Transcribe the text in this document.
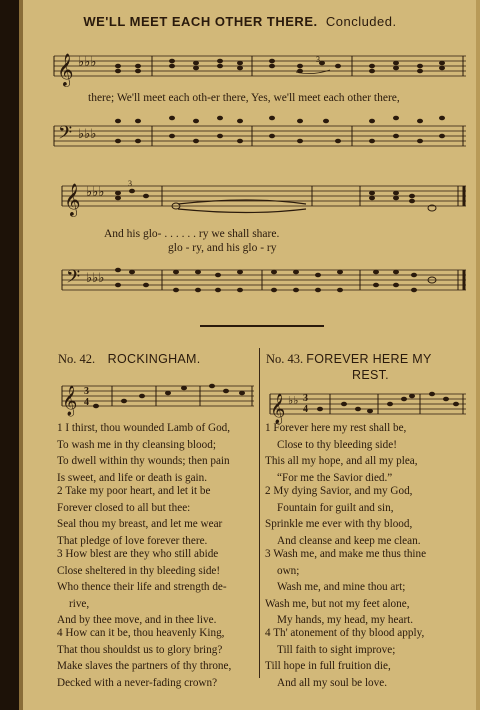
WE'LL MEET EACH OTHER THERE. Concluded.
𝄞 ♭♭♭	3
𝄢 ♭♭♭
𝄞 ♭♭♭
3
𝄢 ♭♭♭
𝄞 3
4	𝄞 ♭♭ 3
4
there; We'll meet each oth-er there, Yes, we'll meet each other there,
And his glo- . . . . . . ry we shall share.
glo - ry, and his glo - ry
No. 42. ROCKINGHAM.
1 I thirst, thou wounded Lamb of God,
To wash me in thy cleansing blood;
To dwell within thy wounds; then pain
Is sweet, and life or death is gain.
2 Take my poor heart, and let it be
Forever closed to all but thee:
Seal thou my breast, and let me wear
That pledge of love forever there.
3 How blest are they who still abide
Close sheltered in thy bleeding side!
Who thence their life and strength de-
rive,
And by thee move, and in thee live.
4 How can it be, thou heavenly King,
That thou shouldst us to glory bring?
Make slaves the partners of thy throne,
Decked with a never-fading crown?
No. 43. FOREVER HERE MY
REST.
1 Forever here my rest shall be,
Close to thy bleeding side!
This all my hope, and all my plea,
“For me the Savior died.”
2 My dying Savior, and my God,
Fountain for guilt and sin,
Sprinkle me ever with thy blood,
And cleanse and keep me clean.
3 Wash me, and make me thus thine
own;
Wash me, and mine thou art;
Wash me, but not my feet alone,
My hands, my head, my heart.
4 Th' atonement of thy blood apply,
Till faith to sight improve;
Till hope in full fruition die,
And all my soul be love.
